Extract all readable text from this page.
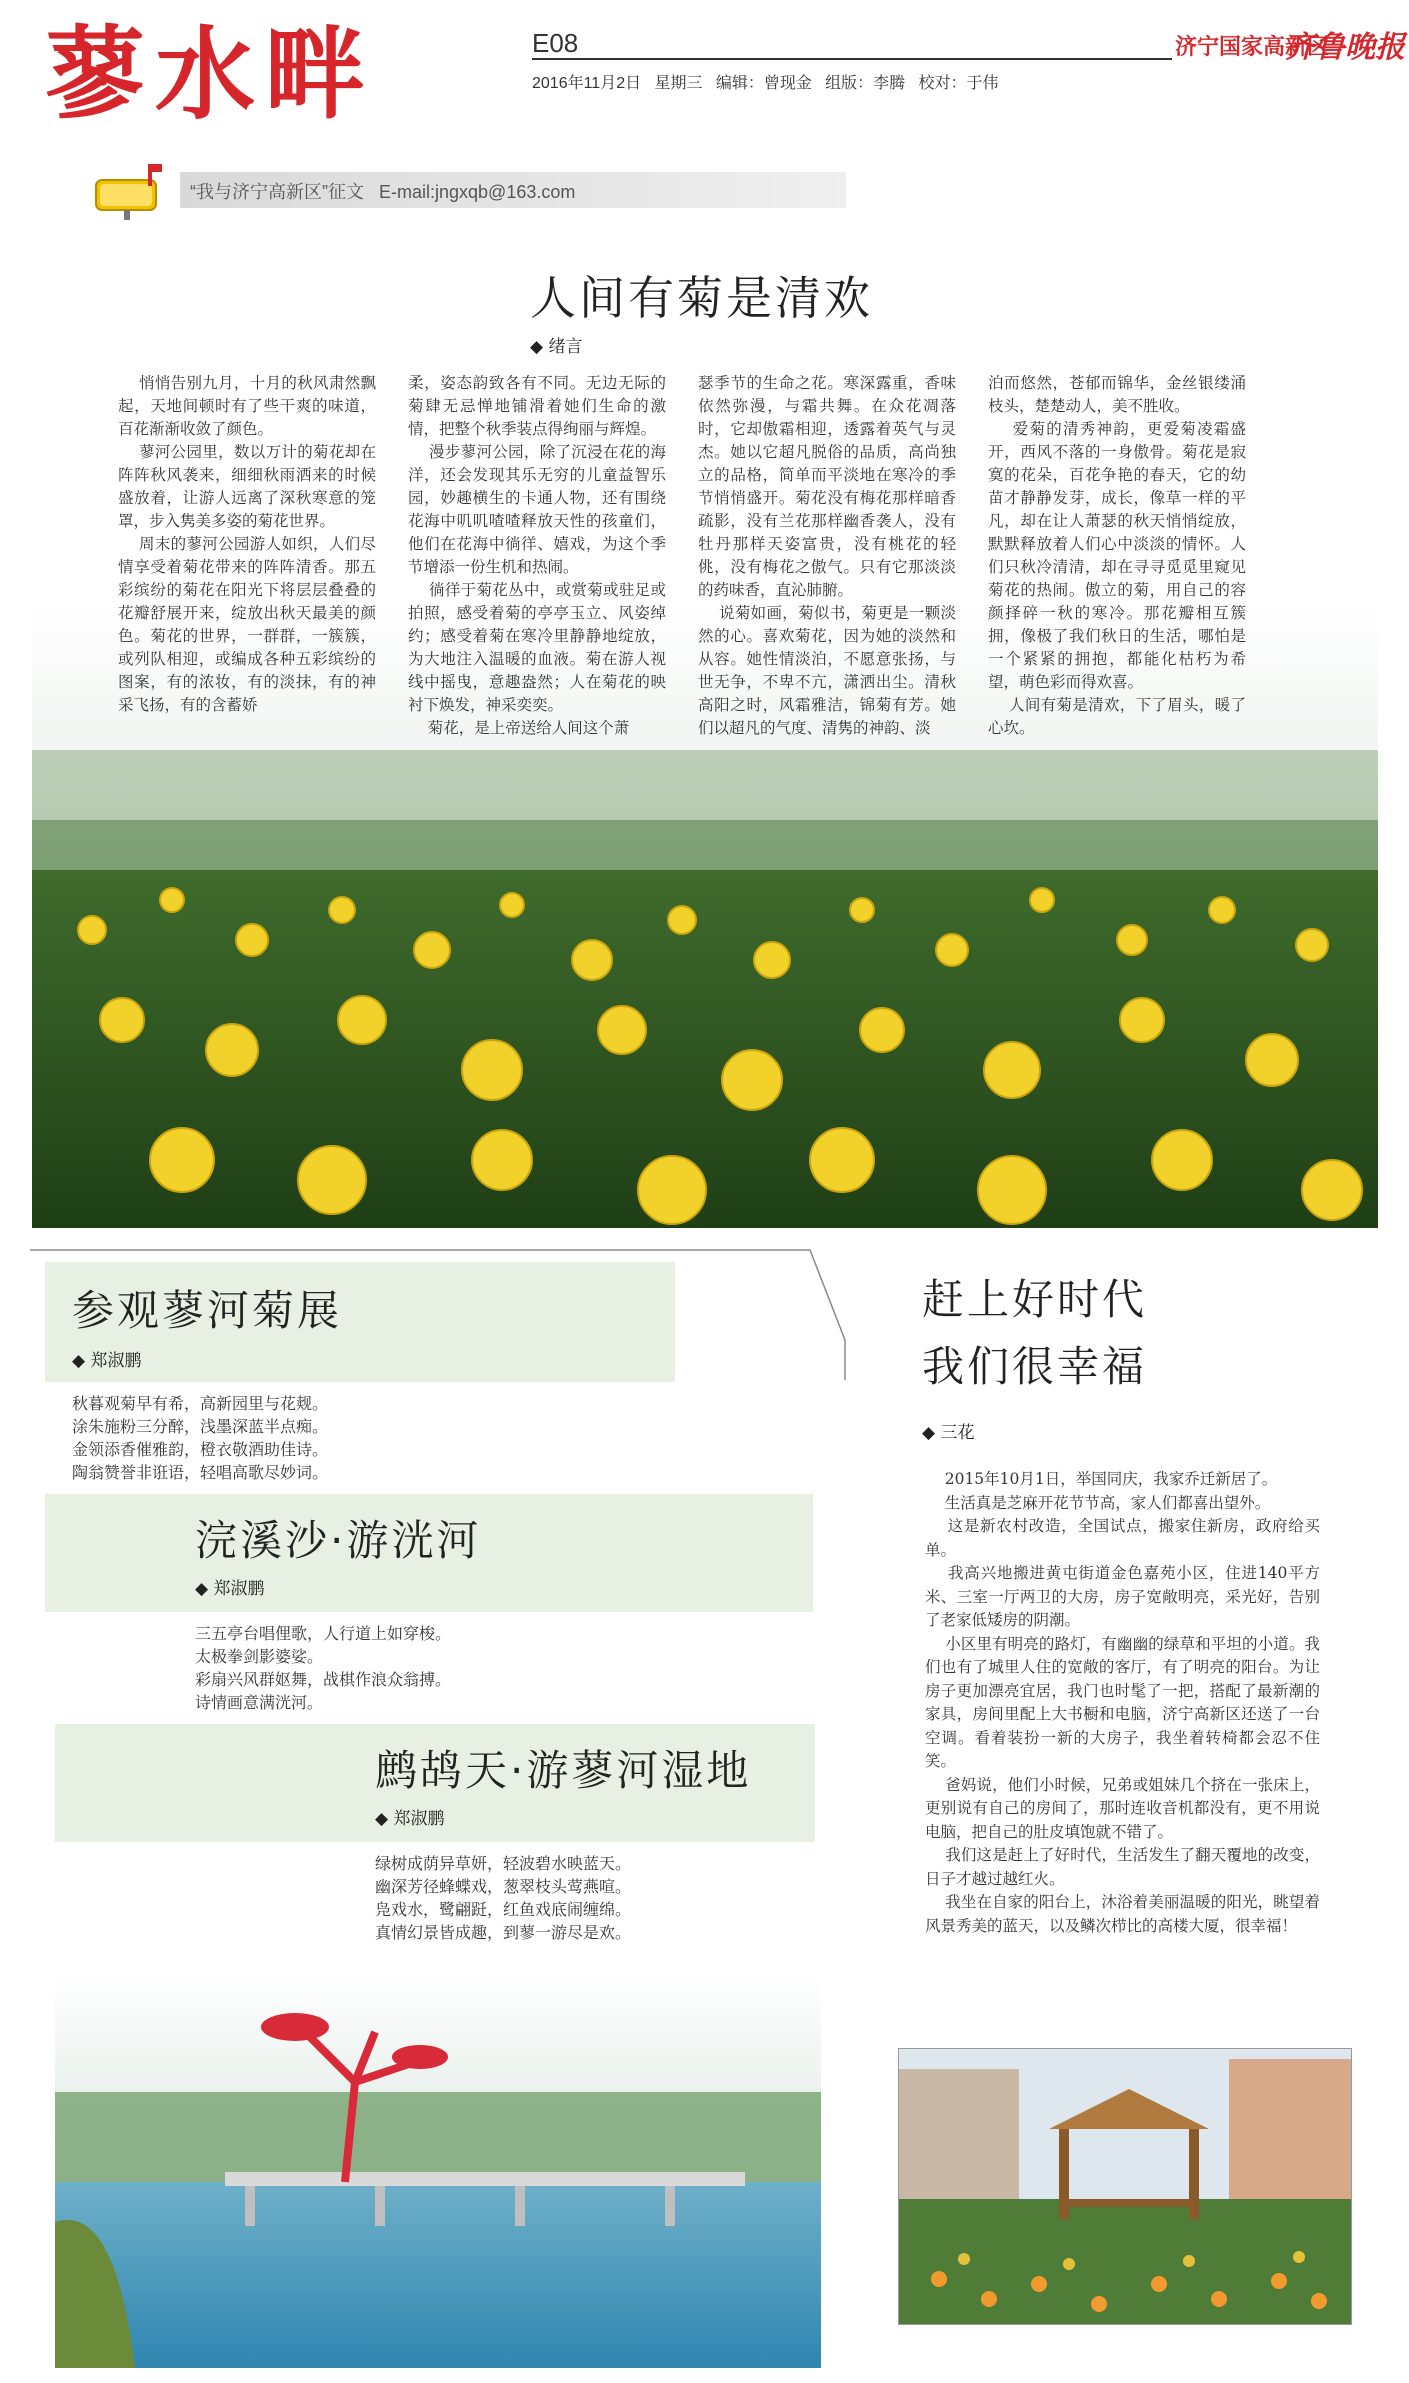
蓼水畔	E08
2016年11月2日 星期三 编辑：曾现金 组版：李腾 校对：于伟
济宁国家高新区
齐鲁晚报
“我与济宁高新区”征文 E-mail:jngxqb@163.com
人间有菊是清欢
◆ 绪言
悄悄告别九月，十月的秋风肃然飘起，天地间顿时有了些干爽的味道，百花渐渐收敛了颜色。
蓼河公园里，数以万计的菊花却在阵阵秋风袭来，细细秋雨洒来的时候盛放着，让游人远离了深秋寒意的笼罩，步入隽美多姿的菊花世界。
周末的蓼河公园游人如织，人们尽情享受着菊花带来的阵阵清香。那五彩缤纷的菊花在阳光下将层层叠叠的花瓣舒展开来，绽放出秋天最美的颜色。菊花的世界，一群群，一簇簇，或列队相迎，或编成各种五彩缤纷的图案，有的浓妆，有的淡抹，有的神采飞扬，有的含蓄娇
柔，姿态韵致各有不同。无边无际的菊肆无忌惮地铺滑着她们生命的激情，把整个秋季装点得绚丽与辉煌。
漫步蓼河公园，除了沉浸在花的海洋，还会发现其乐无穷的儿童益智乐园，妙趣横生的卡通人物，还有围绕花海中叽叽喳喳释放天性的孩童们，他们在花海中徜徉、嬉戏，为这个季节增添一份生机和热闹。
徜徉于菊花丛中，或赏菊或驻足或拍照，感受着菊的亭亭玉立、风姿绰约；感受着菊在寒冷里静静地绽放，为大地注入温暖的血液。菊在游人视线中摇曳，意趣盎然；人在菊花的映衬下焕发，神采奕奕。
菊花，是上帝送给人间这个萧
瑟季节的生命之花。寒深露重，香味依然弥漫，与霜共舞。在众花凋落时，它却傲霜相迎，透露着英气与灵杰。她以它超凡脱俗的品质，高尚独立的品格，简单而平淡地在寒冷的季节悄悄盛开。菊花没有梅花那样暗香疏影，没有兰花那样幽香袭人，没有牡丹那样天姿富贵，没有桃花的轻佻，没有梅花之傲气。只有它那淡淡的药味香，直沁肺腑。
说菊如画，菊似书，菊更是一颗淡然的心。喜欢菊花，因为她的淡然和从容。她性情淡泊，不愿意张扬，与世无争，不卑不亢，潇洒出尘。清秋高阳之时，风霜雅洁，锦菊有芳。她们以超凡的气度、清隽的神韵、淡
泊而悠然，苍郁而锦华，金丝银缕涌枝头，楚楚动人，美不胜收。
爱菊的清秀神韵，更爱菊凌霜盛开，西风不落的一身傲骨。菊花是寂寞的花朵，百花争艳的春天，它的幼苗才静静发芽，成长，像草一样的平凡，却在让人萧瑟的秋天悄悄绽放，默默释放着人们心中淡淡的情怀。人们只秋冷清清，却在寻寻觅觅里窥见菊花的热闹。傲立的菊，用自己的容颜择碎一秋的寒冷。那花瓣相互簇拥，像极了我们秋日的生活，哪怕是一个紧紧的拥抱，都能化枯朽为希望，萌色彩而得欢喜。
人间有菊是清欢，下了眉头，暖了心坎。
参观蓼河菊展
◆ 郑淑鹏
秋暮观菊早有希，高新园里与花觌。
涂朱施粉三分醉，浅墨深蓝半点痴。
金领添香催雅韵，橙衣敬酒助佳诗。
陶翁赞誉非诳语，轻唱高歌尽妙词。
浣溪沙·游洸河
◆ 郑淑鹏
三五亭台唱俚歌，人行道上如穿梭。
太极拳剑影婆娑。
彩扇兴风群妪舞，战棋作浪众翁搏。
诗情画意满洸河。
鹧鸪天·游蓼河湿地
◆ 郑淑鹏
绿树成荫异草妍，轻波碧水映蓝天。
幽深芳径蜂蝶戏，葱翠枝头莺燕喧。
凫戏水，鹭翩跹，红鱼戏底闹缠绵。
真情幻景皆成趣，到蓼一游尽是欢。
赶上好时代
我们很幸福
◆ 三花
2015年10月1日，举国同庆，我家乔迁新居了。
生活真是芝麻开花节节高，家人们都喜出望外。
这是新农村改造，全国试点，搬家住新房，政府给买单。
我高兴地搬进黄屯街道金色嘉苑小区，住进140平方米、三室一厅两卫的大房，房子宽敞明亮，采光好，告别了老家低矮房的阴潮。
小区里有明亮的路灯，有幽幽的绿草和平坦的小道。我们也有了城里人住的宽敞的客厅，有了明亮的阳台。为让房子更加漂亮宜居，我门也时髦了一把，搭配了最新潮的家具，房间里配上大书橱和电脑，济宁高新区还送了一台空调。看着装扮一新的大房子，我坐着转椅都会忍不住笑。
爸妈说，他们小时候，兄弟或姐妹几个挤在一张床上，更别说有自己的房间了，那时连收音机都没有，更不用说电脑，把自己的肚皮填饱就不错了。
我们这是赶上了好时代，生活发生了翻天覆地的改变，日子才越过越红火。
我坐在自家的阳台上，沐浴着美丽温暖的阳光，眺望着风景秀美的蓝天，以及鳞次栉比的高楼大厦，很幸福！
